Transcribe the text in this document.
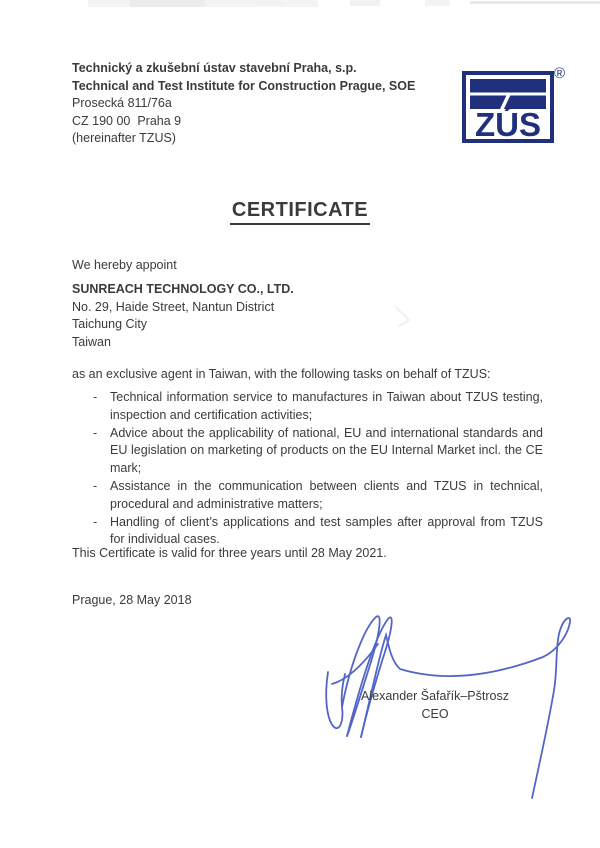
Technický a zkušební ústav stavební Praha, s.p.
Technical and Test Institute for Construction Prague, SOE
Prosecká 811/76a
CZ 190 00  Praha 9
(hereinafter TZUS)	ZÚS
®
CERTIFICATE
We hereby appoint
SUNREACH TECHNOLOGY CO., LTD.
No. 29, Haide Street, Nantun District
Taichung City
Taiwan
as an exclusive agent in Taiwan, with the following tasks on behalf of TZUS:
-	Technical information service to manufactures in Taiwan about TZUS testing, inspection and certification activities;
-	Advice about the applicability of national, EU and international standards and EU legislation on marketing of products on the EU Internal Market incl. the CE mark;
-	Assistance in the communication between clients and TZUS in technical, procedural and administrative matters;
-	Handling of client’s applications and test samples after approval from TZUS for individual cases.
This Certificate is valid for three years until 28 May 2021.
Prague, 28 May 2018
Alexander Šafařík–Pštrosz
CEO
